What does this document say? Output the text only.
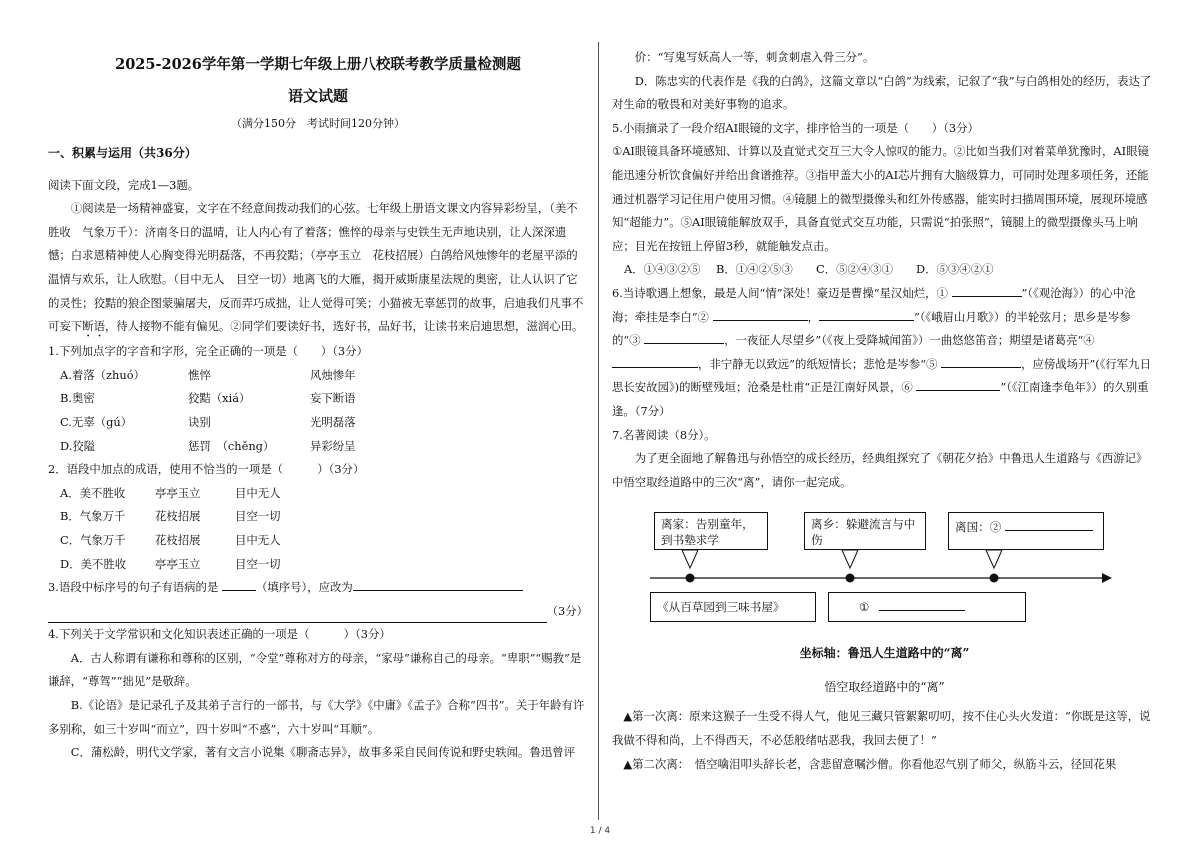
2025-2026学年第一学期七年级上册八校联考教学质量检测题

语文试题

（满分150分　考试时间120分钟）

一、积累与运用（共36分）

阅读下面文段，完成1—3题。

①阅读是一场精神盛宴，文字在不经意间拨动我们的心弦。七年级上册语文课文内容异彩纷呈，（美不胜收　气象万千）：济南冬日的温晴，让人内心有了着落；憔悴的母亲与史铁生无声地诀别，让人深深遗憾；白求恩精神使人心胸变得光明磊落，不再狡黠；（亭亭玉立　花枝招展）白鸽给风烛惨年的老屋平添的温情与欢乐，让人欣慰。（目中无人　目空一切）地离飞的大雁，揭开威斯康星法规的奥密，让人认识了它的灵性；狡黠的狼企图蒙骗屠夫，反而弄巧成拙，让人觉得可笑；小猫被无辜惩罚的故事，启迪我们凡事不可妄下断语，待人接物不能有偏见。②同学们要读好书，选好书，品好书，让读书来启迪思想，滋润心田。

1.下列加点字的字音和字形，完全正确的一项是（　　）（3分）

A.着落（zhuó）	憔悴	风烛惨年
B.奥密	狡黠（xiá）	妄下断语
C.无辜（gú）	诀别	光明磊落
D.狡隘	惩罚　（chěng）	异彩纷呈

2．语段中加点的成语，使用不恰当的一项是（　　　）（3分）

A．美不胜收	亭亭玉立	目中无人
B．气象万千	花枝招展	目空一切
C．气象万千	花枝招展	目中无人
D．美不胜收	亭亭玉立	目空一切

3.语段中标序号的句子有语病的是	（填序号），应改为

（3分）

4.下列关于文学常识和文化知识表述正确的一项是（　　　）（3分）

A．古人称谓有谦称和尊称的区别，“令堂”尊称对方的母亲，“家母”谦称自己的母亲。“卑职”“赐教”是谦辞，“尊驾”“拙见”是敬辞。

B.《论语》是记录孔子及其弟子言行的一部书，与《大学》《中庸》《孟子》合称“四书”。关于年龄有许多别称，如三十岁叫“而立”，四十岁叫“不惑”，六十岁叫“耳顺”。

C．蒲松龄，明代文学家，著有文言小说集《聊斋志异》，故事多采自民间传说和野史轶闻。鲁迅曾评

价：“写鬼写妖高人一等，刺贪刺虐入骨三分”。

D．陈忠实的代表作是《我的白鸽》，这篇文章以“白鸽”为线索，记叙了“我”与白鸽相处的经历，表达了对生命的敬畏和对美好事物的追求。

5.小雨摘录了一段介绍AI眼镜的文字，排序恰当的一项是（　　）（3分）

①AI眼镜具备环境感知、计算以及直觉式交互三大令人惊叹的能力。②比如当我们对着菜单犹豫时，AI眼镜能迅速分析饮食偏好并给出食谱推荐。③指甲盖大小的AI芯片拥有大脑级算力，可同时处理多项任务，还能通过机器学习记住用户使用习惯。④镜腿上的微型摄像头和红外传感器，能实时扫描周围环境，展现环境感知“超能力”。⑤AI眼镜能解放双手，具备直觉式交互功能，只需说“拍张照”，镜腿上的微型摄像头马上响应；目光在按钮上停留3秒，就能触发点击。

A．①④③②⑤	B．①④②⑤③	C．⑤②④③①	D．⑤③④②①

6.当诗歌遇上想象，最是人间“情”深处！豪迈是曹操“星汉灿烂，①	”（《观沧海》）的心中沧海；牵挂是李白“②	，	”（《峨眉山月歌》）的半轮弦月；思乡是岑参的“③	，一夜征人尽望乡”（《夜上受降城闻笛》）一曲悠悠笛音；期望是诸葛亮“④ ，非宁静无以致远”的纸短情长；悲怆是岑参“⑤	，应傍战场开”(《行军九日思长安故园》)的断壁残垣；沧桑是杜甫“正是江南好风景，⑥	”（《江南逢李龟年》）的久别重逢。（7分）

7.名著阅读（8分）。

为了更全面地了解鲁迅与孙悟空的成长经历，经典组探究了《朝花夕拾》中鲁迅人生道路与《西游记》中悟空取经道路中的三次“离”，请你一起完成。

离家：告别童年，到书塾求学
离乡：躲避流言与中伤
离国：②
《从百草园到三味书屋》	①

坐标轴：鲁迅人生道路中的“离”

悟空取经道路中的“离”

▲第一次离：原来这猴子一生受不得人气，他见三藏只管絮絮叨叨，按不住心头火发道：“你既是这等，说我做不得和尚，上不得西天，不必恁般绪咕恶我，我回去便了！”

▲第二次离：　悟空噙泪叩头辞长老，含悲留意嘱沙僧。你看他忍气别了师父，纵筋斗云，径回花果

1 / 4
